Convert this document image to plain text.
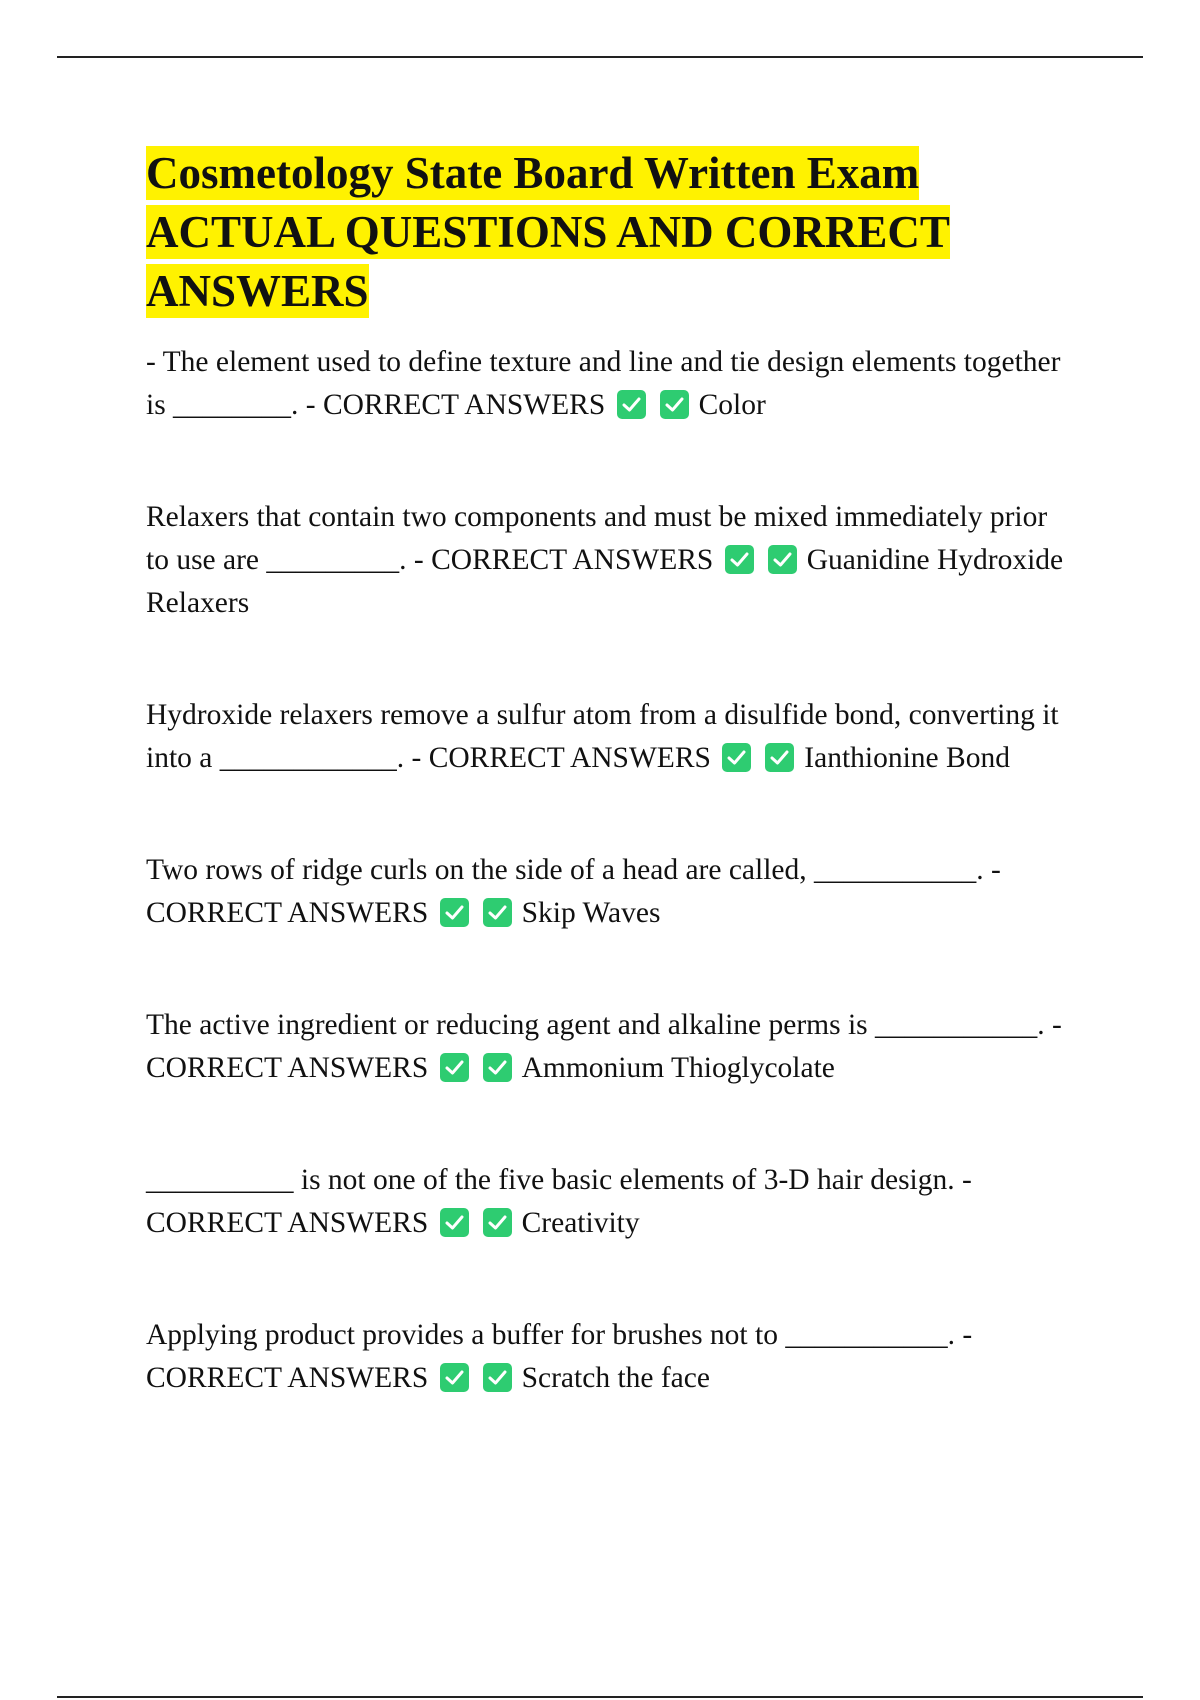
Cosmetology State Board Written Exam ACTUAL QUESTIONS AND CORRECT ANSWERS

- The element used to define texture and line and tie design elements together is ________. - CORRECT ANSWERS	Color

Relaxers that contain two components and must be mixed immediately prior to use are _________. - CORRECT ANSWERS	Guanidine Hydroxide Relaxers

Hydroxide relaxers remove a sulfur atom from a disulfide bond, converting it into a ____________. - CORRECT ANSWERS	Ianthionine Bond

Two rows of ridge curls on the side of a head are called, ___________. - CORRECT ANSWERS	Skip Waves

The active ingredient or reducing agent and alkaline perms is ___________. - CORRECT ANSWERS	Ammonium Thioglycolate

__________ is not one of the five basic elements of 3-D hair design. - CORRECT ANSWERS	Creativity

Applying product provides a buffer for brushes not to ___________. - CORRECT ANSWERS	Scratch the face
